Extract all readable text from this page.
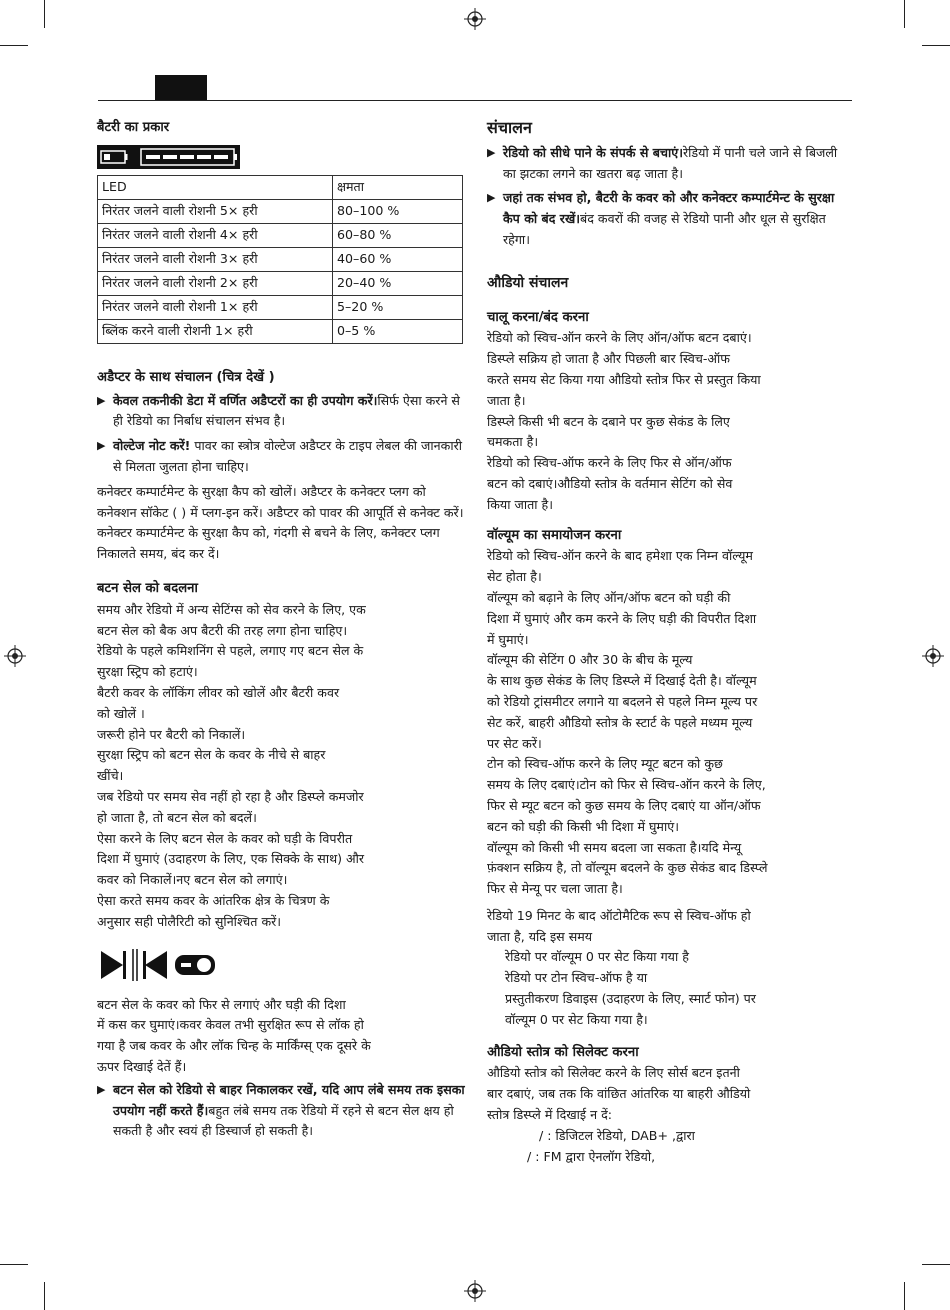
बैटरी का प्रकार

LED	क्षमता
निरंतर जलने वाली रोशनी 5× हरी	80–100 %
निरंतर जलने वाली रोशनी 4× हरी	60–80 %
निरंतर जलने वाली रोशनी 3× हरी	40–60 %
निरंतर जलने वाली रोशनी 2× हरी	20–40 %
निरंतर जलने वाली रोशनी 1× हरी	5–20 %
ब्लिंक करने वाली रोशनी 1× हरी	0–5 %

अडैप्टर के साथ संचालन (चित्र देखें )

▶ केवल तकनीकी डेटा में वर्णित अडैप्टरों का ही उपयोग करें।सिर्फ ऐसा करने से ही रेडियो का निर्बाध संचालन संभव है।
▶ वोल्टेज नोट करें! पावर का स्त्रोत्र वोल्टेज अडैप्टर के टाइप लेबल की जानकारी से मिलता जुलता होना चाहिए।

कनेक्टर कम्पार्टमेन्ट के सुरक्षा कैप को खोलें। अडैप्टर के कनेक्टर प्लग को कनेक्शन सॉकेट ( ) में प्लग-इन करें। अडैप्टर को पावर की आपूर्ति से कनेक्ट करें।

कनेक्टर कम्पार्टमेन्ट के सुरक्षा कैप को, गंदगी से बचने के लिए, कनेक्टर प्लग निकालते समय, बंद कर दें।

बटन सेल को बदलना

समय और रेडियो में अन्य सेटिंग्स को सेव करने के लिए, एक

बटन सेल को बैक अप बैटरी की तरह लगा होना चाहिए।

रेडियो के पहले कमिशनिंग से पहले, लगाए गए बटन सेल के

सुरक्षा स्ट्रिप को हटाएं।

बैटरी कवर के लॉकिंग लीवर को खोलें और बैटरी कवर

को खोलें ।

जरूरी होने पर बैटरी को निकालें।

सुरक्षा स्ट्रिप को बटन सेल के कवर के नीचे से बाहर

खींचे।

जब रेडियो पर समय सेव नहीं हो रहा है और डिस्प्ले कमजोर

हो जाता है, तो बटन सेल को बदलें।

ऐसा करने के लिए बटन सेल के कवर को घड़ी के विपरीत

दिशा में घुमाएं (उदाहरण के लिए, एक सिक्के के साथ) और

कवर को निकालें।नए बटन सेल को लगाएं।

ऐसा करते समय कवर के आंतरिक क्षेत्र के चित्रण के

अनुसार सही पोलैरिटी को सुनिश्चित करें।

बटन सेल के कवर को फिर से लगाएं और घड़ी की दिशा

में कस कर घुमाएं।कवर केवल तभी सुरक्षित रूप से लॉक हो

गया है जब कवर के और लॉक चिन्ह के मार्किंग्स् एक दूसरे के

ऊपर दिखाई देतें हैं।

▶ बटन सेल को रेडियो से बाहर निकालकर रखें, यदि आप लंबे समय तक इसका उपयोग नहीं करते हैं।बहुत लंबे समय तक रेडियो में रहने से बटन सेल क्षय हो सकती है और स्वयं ही डिस्चार्ज हो सकती है।

संचालन

▶ रेडियो को सीधे पाने के संपर्क से बचाएं।रेडियो में पानी चले जाने से बिजली का झटका लगने का खतरा बढ़ जाता है।
▶ जहां तक संभव हो, बैटरी के कवर को और कनेक्टर कम्पार्टमेन्ट के सुरक्षा कैप को बंद रखें।बंद कवरों की वजह से रेडियो पानी और धूल से सुरक्षित रहेगा।

औडियो संचालन

चालू करना/बंद करना

रेडियो को स्विच-ऑन करने के लिए ऑन/ऑफ बटन दबाएं।

डिस्प्ले सक्रिय हो जाता है और पिछली बार स्विच-ऑफ

करते समय सेट किया गया औडियो स्तोत्र फिर से प्रस्तुत किया

जाता है।

डिस्प्ले किसी भी बटन के दबाने पर कुछ सेकंड के लिए

चमकता है।

रेडियो को स्विच-ऑफ करने के लिए फिर से ऑन/ऑफ

बटन को दबाएं।औडियो स्तोत्र के वर्तमान सेटिंग को सेव

किया जाता है।

वॉल्यूम का समायोजन करना

रेडियो को स्विच-ऑन करने के बाद हमेशा एक निम्न वॉल्यूम

सेट होता है।

वॉल्यूम को बढ़ाने के लिए ऑन/ऑफ बटन को घड़ी की

दिशा में घुमाएं और कम करने के लिए घड़ी की विपरीत दिशा

में घुमाएं।

वॉल्यूम की सेटिंग 0 और 30 के बीच के मूल्य

के साथ कुछ सेकंड के लिए डिस्प्ले में दिखाई देती है। वॉल्यूम

को रेडियो ट्रांसमीटर लगाने या बदलने से पहले निम्न मूल्य पर

सेट करें, बाहरी औडियो स्तोत्र के स्टार्ट के पहले मध्यम मूल्य

पर सेट करें।

टोन को स्विच-ऑफ करने के लिए म्यूट बटन को कुछ

समय के लिए दबाएं।टोन को फिर से स्विच-ऑन करने के लिए,

फिर से म्यूट बटन को कुछ समय के लिए दबाएं या ऑन/ऑफ

बटन को घड़ी की किसी भी दिशा में घुमाएं।

वॉल्यूम को किसी भी समय बदला जा सकता है।यदि मेन्यू

फ़ंक्शन सक्रिय है, तो वॉल्यूम बदलने के कुछ सेकंड बाद डिस्प्ले

फिर से मेन्यू पर चला जाता है।

रेडियो 19 मिनट के बाद ऑटोमैटिक रूप से स्विच-ऑफ हो

जाता है, यदि इस समय

रेडियो पर वॉल्यूम 0 पर सेट किया गया है

रेडियो पर टोन स्विच-ऑफ है या

प्रस्तुतीकरण डिवाइस (उदाहरण के लिए, स्मार्ट फोन) पर

वॉल्यूम 0 पर सेट किया गया है।

औडियो स्तोत्र को सिलेक्ट करना

औडियो स्तोत्र को सिलेक्ट करने के लिए सोर्स बटन इतनी

बार दबाएं, जब तक कि वांछित आंतरिक या बाहरी औडियो

स्तोत्र डिस्प्ले में दिखाई न दें:

/ : डिजिटल रेडियो, DAB+ ,द्वारा

/ : FM द्वारा ऐनलॉग रेडियो,
